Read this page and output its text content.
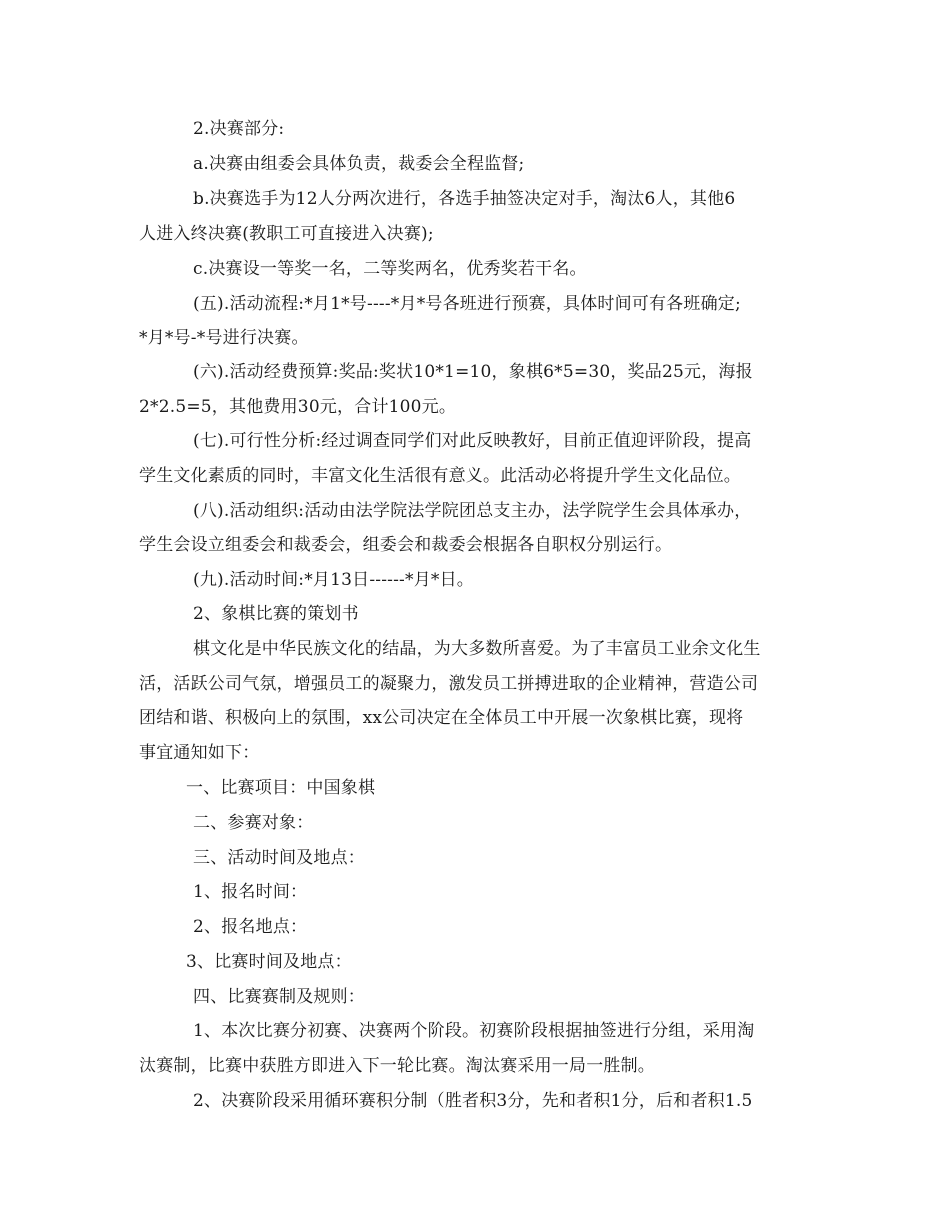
2.决赛部分:
a.决赛由组委会具体负责，裁委会全程监督;
b.决赛选手为12人分两次进行，各选手抽签决定对手，淘汰6人，其他6
人进入终决赛(教职工可直接进入决赛);
c.决赛设一等奖一名，二等奖两名，优秀奖若干名。
(五).活动流程:*月1*号----*月*号各班进行预赛，具体时间可有各班确定;
*月*号-*号进行决赛。
(六).活动经费预算:奖品:奖状10*1=10，象棋6*5=30，奖品25元，海报
2*2.5=5，其他费用30元，合计100元。
(七).可行性分析:经过调查同学们对此反映教好，目前正值迎评阶段，提高
学生文化素质的同时，丰富文化生活很有意义。此活动必将提升学生文化品位。
(八).活动组织:活动由法学院法学院团总支主办，法学院学生会具体承办，
学生会设立组委会和裁委会，组委会和裁委会根据各自职权分别运行。
(九).活动时间:*月13日------*月*日。
2、象棋比赛的策划书
棋文化是中华民族文化的结晶，为大多数所喜爱。为了丰富员工业余文化生
活，活跃公司气氛，增强员工的凝聚力，激发员工拼搏进取的企业精神，营造公司
团结和谐、积极向上的氛围，xx公司决定在全体员工中开展一次象棋比赛，现将
事宜通知如下：
一、比赛项目：中国象棋
二、参赛对象：
三、活动时间及地点：
1、报名时间：
2、报名地点：
3、比赛时间及地点：
四、比赛赛制及规则：
1、本次比赛分初赛、决赛两个阶段。初赛阶段根据抽签进行分组，采用淘
汰赛制，比赛中获胜方即进入下一轮比赛。淘汰赛采用一局一胜制。
2、决赛阶段采用循环赛积分制（胜者积3分，先和者积1分，后和者积1.5
